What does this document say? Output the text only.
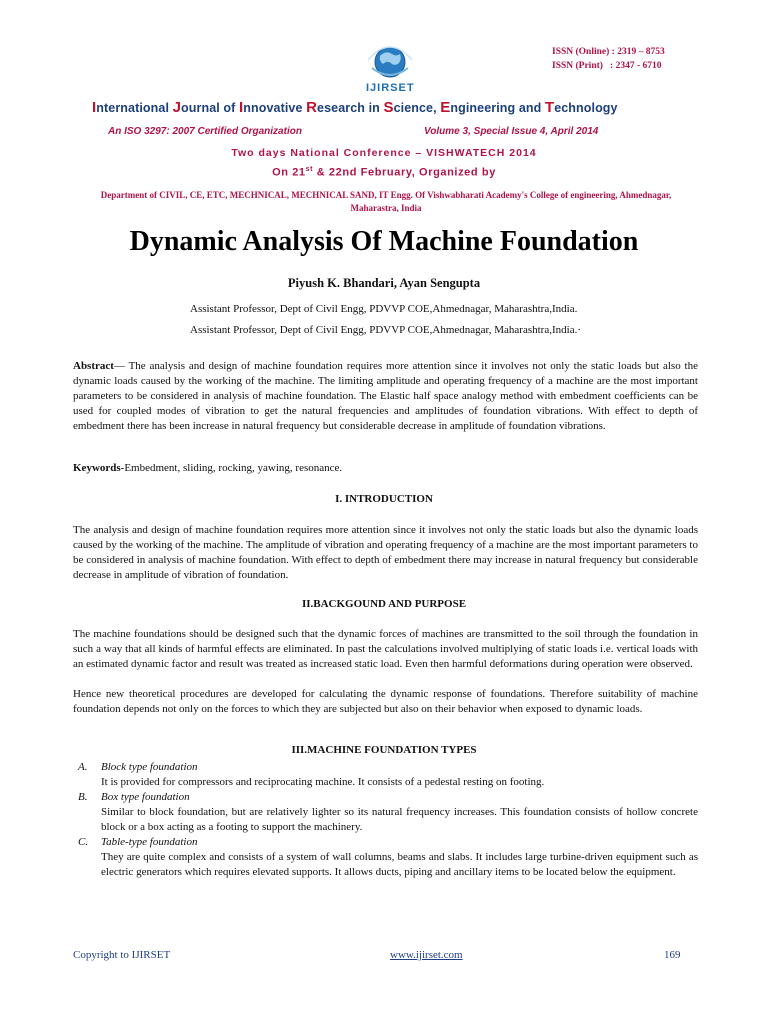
IJIRSET
ISSN (Online) : 2319 – 8753
ISSN (Print)   : 2347 - 6710
International Journal of Innovative Research in Science, Engineering and Technology
An ISO 3297: 2007 Certified Organization	Volume 3, Special Issue 4, April 2014
Two days National Conference – VISHWATECH 2014
On 21st & 22nd February, Organized by
Department of CIVIL, CE, ETC, MECHNICAL, MECHNICAL SAND, IT Engg. Of Vishwabharati Academy's College of engineering, Ahmednagar, Maharastra, India
Dynamic Analysis Of Machine Foundation
Piyush K. Bhandari, Ayan Sengupta
Assistant Professor, Dept of Civil Engg, PDVVP COE,Ahmednagar, Maharashtra,India.
Assistant Professor, Dept of Civil Engg, PDVVP COE,Ahmednagar, Maharashtra,India.·
Abstract— The analysis and design of machine foundation requires more attention since it involves not only the static loads but also the dynamic loads caused by the working of the machine. The limiting amplitude and operating frequency of a machine are the most important parameters to be considered in analysis of machine foundation. The Elastic half space analogy method with embedment coefficients can be used for coupled modes of vibration to get the natural frequencies and amplitudes of foundation vibrations. With effect to depth of embedment there has been increase in natural frequency but considerable decrease in amplitude of foundation vibrations.
Keywords-Embedment, sliding, rocking, yawing, resonance.
I. INTRODUCTION
The analysis and design of machine foundation requires more attention since it involves not only the static loads but also the dynamic loads caused by the working of the machine. The amplitude of vibration and operating frequency of a machine are the most important parameters to be considered in analysis of machine foundation. With effect to depth of embedment there may increase in natural frequency but considerable decrease in amplitude of vibration of foundation.
II.BACKGOUND AND PURPOSE
The machine foundations should be designed such that the dynamic forces of machines are transmitted to the soil through the foundation in such a way that all kinds of harmful effects are eliminated. In past the calculations involved multiplying of static loads i.e. vertical loads with an estimated dynamic factor and result was treated as increased static load. Even then harmful deformations during operation were observed.
Hence new theoretical procedures are developed for calculating the dynamic response of foundations. Therefore suitability of machine foundation depends not only on the forces to which they are subjected but also on their behavior when exposed to dynamic loads.
III.MACHINE FOUNDATION TYPES
A. Block type foundation
It is provided for compressors and reciprocating machine. It consists of a pedestal resting on footing.
B. Box type foundation
Similar to block foundation, but are relatively lighter so its natural frequency increases. This foundation consists of hollow concrete block or a box acting as a footing to support the machinery.
C. Table-type foundation
They are quite complex and consists of a system of wall columns, beams and slabs. It includes large turbine-driven equipment such as electric generators which requires elevated supports. It allows ducts, piping and ancillary items to be located below the equipment.
Copyright to IJIRSET	www.ijirset.com	169
